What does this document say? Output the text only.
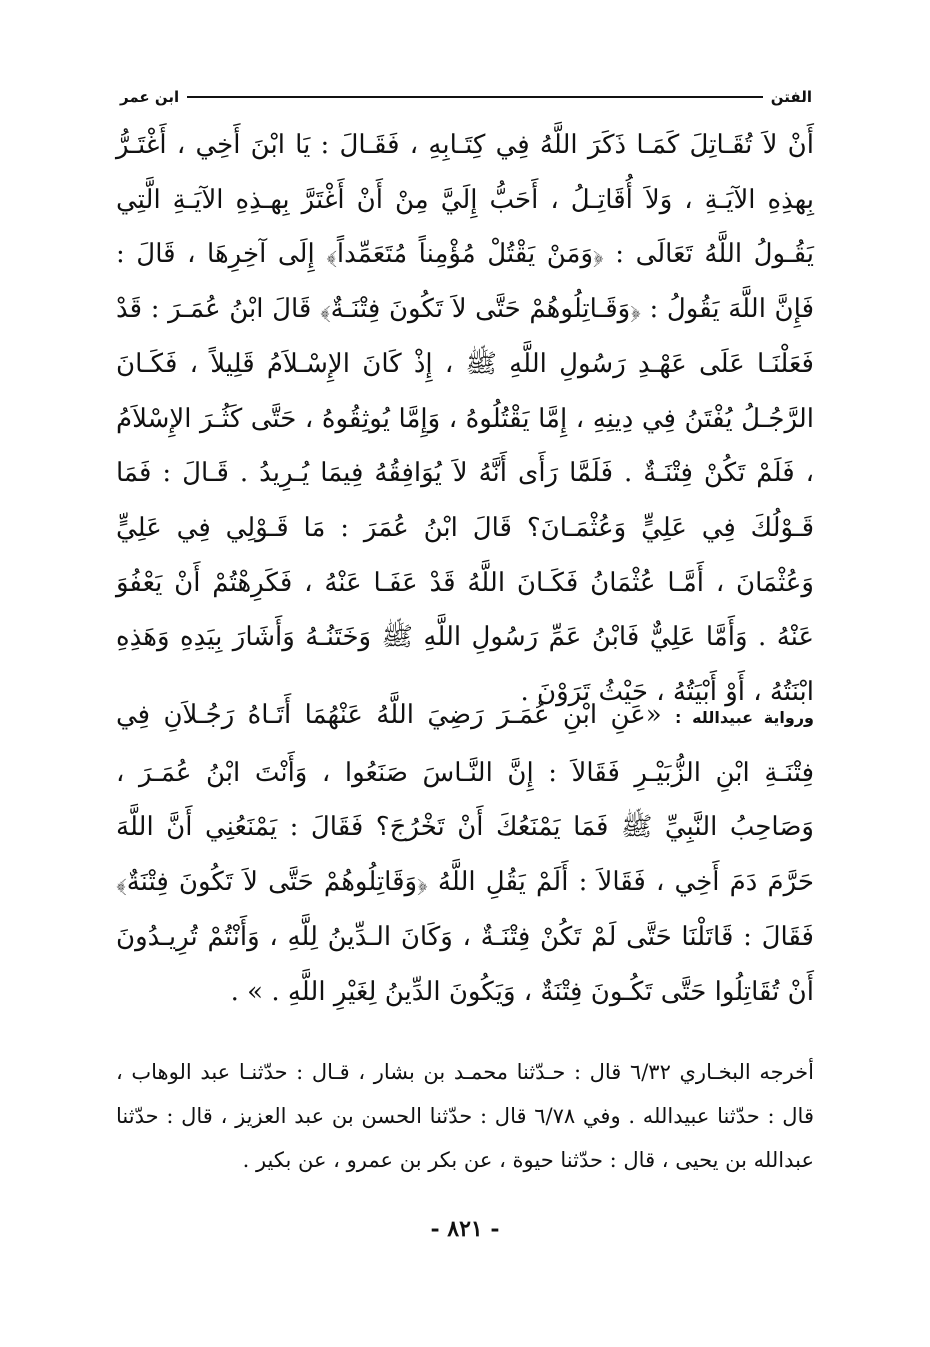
الفتن
ابن عمر
أَنْ لاَ تُقَـاتِلَ كَمَـا ذَكَرَ اللَّهُ فِي كِتَـابِهِ ، فَقَـالَ : يَا ابْنَ أَخِي ، أَغْتَـرُّ بِهذِهِ الآيَـةِ ، وَلاَ أُقَاتِـلُ ، أَحَبُّ إِلَيَّ مِنْ أَنْ أَغْتَرَّ بِهـذِهِ الآيَـةِ الَّتِي يَقُـولُ اللَّهُ تَعَالَى : ﴿وَمَنْ يَقْتُلْ مُؤْمِناً مُتَعَمِّداً﴾ إِلَى آخِرِهَا ، قَالَ : فَإِنَّ اللَّهَ يَقُولُ : ﴿وَقَـاتِلُوهُمْ حَتَّى لاَ تَكُونَ فِتْنَـةٌ﴾ قَالَ ابْنُ عُمَـرَ : قَدْ فَعَلْنَـا عَلَى عَهْـدِ رَسُولِ اللَّهِ ﷺ ، إِذْ كَانَ الإِسْـلاَمُ قَلِيلاً ، فَكَـانَ الرَّجُـلُ يُفْتَنُ فِي دِينِهِ ، إِمَّا يَقْتُلُوهُ ، وَإِمَّا يُوثِقُوهُ ، حَتَّى كَثُـرَ الإِسْلاَمُ ، فَلَمْ تَكُنْ فِتْنَـةٌ . فَلَمَّا رَأَى أَنَّهُ لاَ يُوَافِقُهُ فِيمَا يُـرِيدُ . قَـالَ : فَمَا قَـوْلُكَ فِي عَلِيٍّ وَعُثْمَـانَ؟ قَالَ ابْنُ عُمَرَ : مَا قَـوْلِي فِي عَلِيٍّ وَعُثْمَانَ ، أَمَّـا عُثْمَانُ فَكَـانَ اللَّهُ قَدْ عَفَـا عَنْهُ ، فَكَرِهْتُمْ أَنْ يَعْفُوَ عَنْهُ . وَأَمَّا عَلِيٌّ فَابْنُ عَمِّ رَسُولِ اللَّهِ ﷺ وَخَتَنُـهُ وَأَشَارَ بِيَدِهِ وَهَذِهِ ابْنَتُهُ ، أَوْ أَبْيَتُهُ ، حَيْثُ تَرَوْنَ .
ورواية عبيدالله : «عَنِ ابْنِ عُمَـرَ رَضِيَ اللَّهُ عَنْهُمَا أَتَـاهُ رَجُـلاَنِ فِي فِتْنَـةِ ابْنِ الزُّبَيْـرِ فَقَالاَ : إِنَّ النَّـاسَ صَنَعُوا ، وَأَنْتَ ابْنُ عُمَـرَ ، وَصَاحِبُ النَّبِيِّ ﷺ فَمَا يَمْنَعُكَ أَنْ تَخْرُجَ؟ فَقَالَ : يَمْنَعُنِي أَنَّ اللَّهَ حَرَّمَ دَمَ أَخِي ، فَقَالاَ : أَلَمْ يَقُلِ اللَّهُ ﴿وَقَاتِلُوهُمْ حَتَّى لاَ تَكُونَ فِتْنَةٌ﴾ فَقَالَ : قَاتَلْنَا حَتَّى لَمْ تَكُنْ فِتْنَـةٌ ، وَكَانَ الـدِّينُ لِلَّهِ ، وَأَنْتُمْ تُرِيـدُونَ أَنْ تُقَاتِلُوا حَتَّى تَكُـونَ فِتْنَةٌ ، وَيَكُونَ الدِّينُ لِغَيْرِ اللَّهِ . » .
أخرجه البخـاري ٦/٣٢ قال : حـدّثنا محمـد بن بشار ، قـال : حدّثنـا عبد الوهاب ، قال : حدّثنا عبيدالله . وفي ٦/٧٨ قال : حدّثنا الحسن بن عبد العزيز ، قال : حدّثنا عبدالله بن يحيى ، قال : حدّثنا حيوة ، عن بكر بن عمرو ، عن بكير .
- ٨٢١ -
